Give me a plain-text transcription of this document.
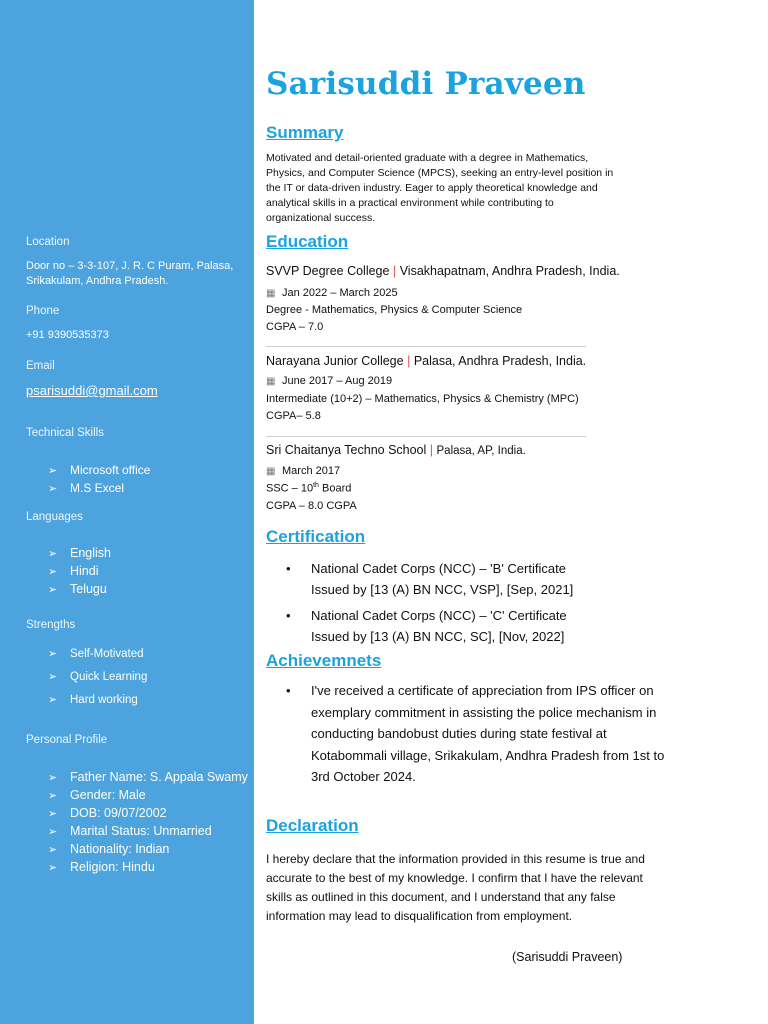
Location
Door no – 3-3-107, J. R. C Puram, Palasa,
Srikakulam, Andhra Pradesh.
Phone
+91 9390535373
Email
psarisuddi@gmail.com
Technical Skills
➢ Microsoft office
➢ M.S Excel
Languages
➢ English
➢ Hindi
➢ Telugu
Strengths
➢ Self-Motivated
➢ Quick Learning
➢ Hard working
Personal Profile
➢ Father Name: S. Appala Swamy
➢ Gender: Male
➢ DOB: 09/07/2002
➢ Marital Status: Unmarried
➢ Nationality: Indian
➢ Religion: Hindu
Sarisuddi Praveen
Summary
Motivated and detail-oriented graduate with a degree in Mathematics,
Physics, and Computer Science (MPCS), seeking an entry-level position in
the IT or data-driven industry. Eager to apply theoretical knowledge and
analytical skills in a practical environment while contributing to
organizational success.
Education
SVVP Degree College | Visakhapatnam, Andhra Pradesh, India.
▦ Jan 2022 – March 2025
Degree - Mathematics, Physics & Computer Science
CGPA – 7.0
Narayana Junior College | Palasa, Andhra Pradesh, India.
▦ June 2017 – Aug 2019
Intermediate (10+2) – Mathematics, Physics & Chemistry (MPC)
CGPA– 5.8
Sri Chaitanya Techno School | Palasa, AP, India.
▦ March 2017
SSC – 10th Board
CGPA – 8.0 CGPA
Certification
• National Cadet Corps (NCC) – 'B' Certificate
Issued by [13 (A) BN NCC, VSP], [Sep, 2021]
• National Cadet Corps (NCC) – 'C' Certificate
Issued by [13 (A) BN NCC, SC], [Nov, 2022]
Achievemnets
• I've received a certificate of appreciation from IPS officer on
exemplary commitment in assisting the police mechanism in
conducting bandobust duties during state festival at
Kotabommali village, Srikakulam, Andhra Pradesh from 1st to
3rd October 2024.
Declaration
I hereby declare that the information provided in this resume is true and
accurate to the best of my knowledge. I confirm that I have the relevant
skills as outlined in this document, and I understand that any false
information may lead to disqualification from employment.
(Sarisuddi Praveen)
